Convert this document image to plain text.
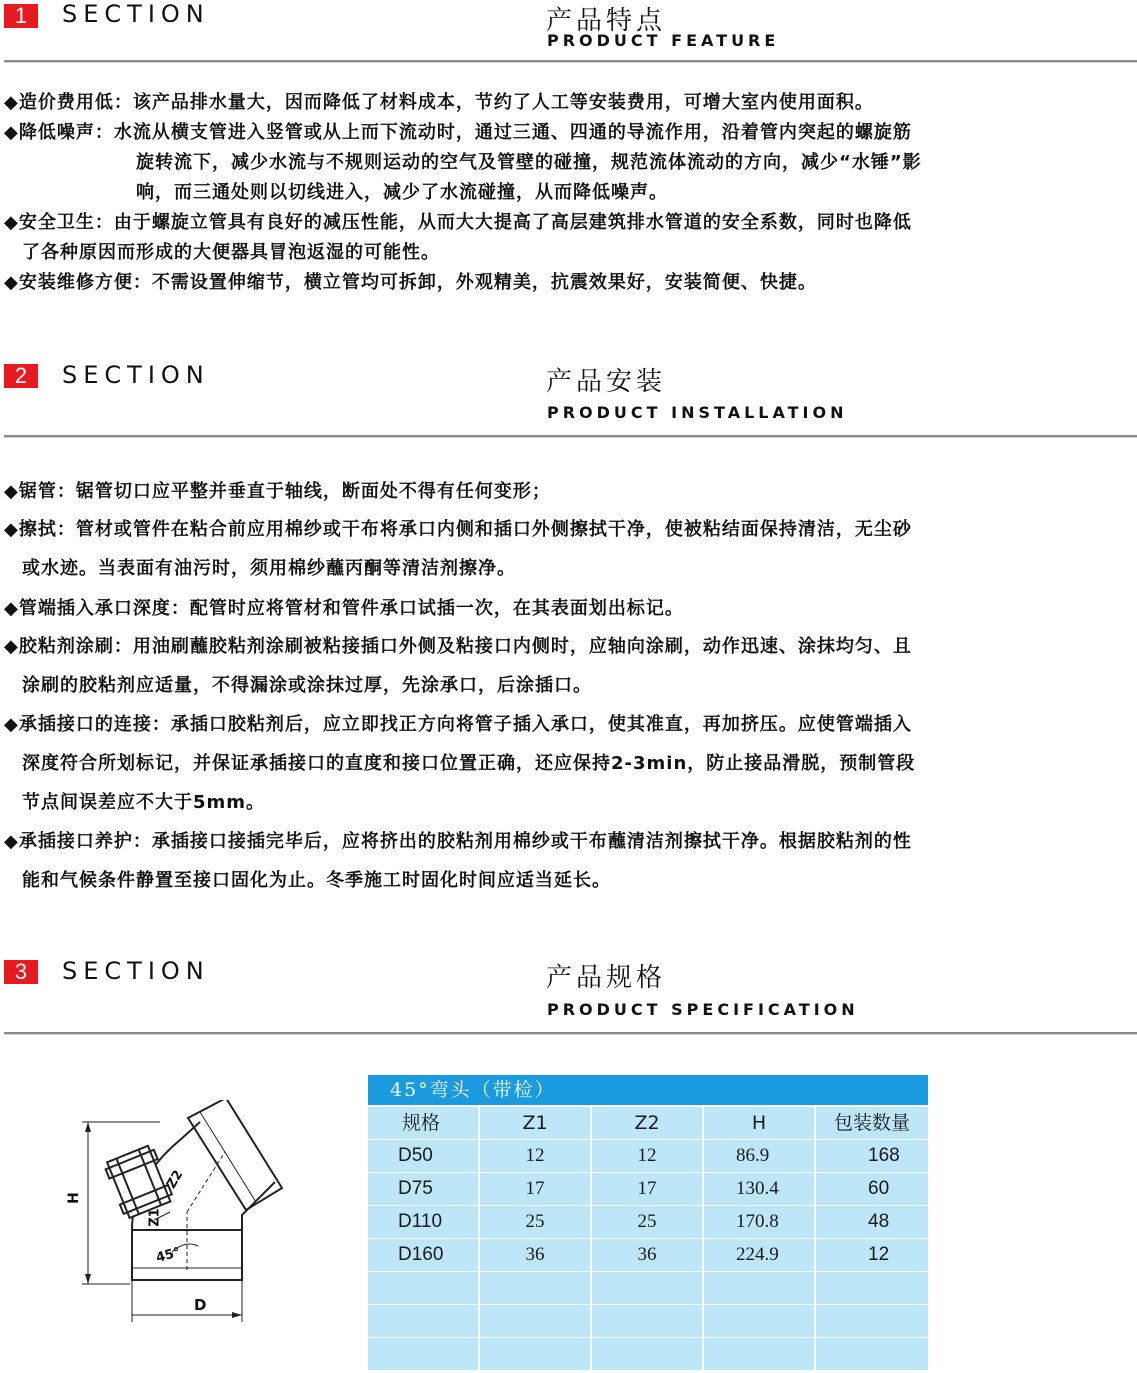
1	SECTION	产品特点
PRODUCT FEATURE
◆造价费用低：该产品排水量大，因而降低了材料成本，节约了人工等安装费用，可增大室内使用面积。
◆降低噪声：水流从横支管进入竖管或从上而下流动时，通过三通、四通的导流作用，沿着管内突起的螺旋筋
旋转流下，减少水流与不规则运动的空气及管壁的碰撞，规范流体流动的方向，减少“水锤”影
响，而三通处则以切线进入，减少了水流碰撞，从而降低噪声。
◆安全卫生：由于螺旋立管具有良好的减压性能，从而大大提高了高层建筑排水管道的安全系数，同时也降低
了各种原因而形成的大便器具冒泡返湿的可能性。
◆安装维修方便：不需设置伸缩节，横立管均可拆卸，外观精美，抗震效果好，安装简便、快捷。
2	SECTION	产品安装
PRODUCT INSTALLATION
◆锯管：锯管切口应平整并垂直于轴线，断面处不得有任何变形；
◆擦拭：管材或管件在粘合前应用棉纱或干布将承口内侧和插口外侧擦拭干净，使被粘结面保持清洁，无尘砂
或水迹。当表面有油污时，须用棉纱蘸丙酮等清洁剂擦净。
◆管端插入承口深度：配管时应将管材和管件承口试插一次，在其表面划出标记。
◆胶粘剂涂刷：用油刷蘸胶粘剂涂刷被粘接插口外侧及粘接口内侧时，应轴向涂刷，动作迅速、涂抹均匀、且
涂刷的胶粘剂应适量，不得漏涂或涂抹过厚，先涂承口，后涂插口。
◆承插接口的连接：承插口胶粘剂后，应立即找正方向将管子插入承口，使其准直，再加挤压。应使管端插入
深度符合所划标记，并保证承插接口的直度和接口位置正确，还应保持2-3min，防止接品滑脱，预制管段
节点间误差应不大于5mm。
◆承插接口养护：承插接口接插完毕后，应将挤出的胶粘剂用棉纱或干布蘸清洁剂擦拭干净。根据胶粘剂的性
能和气候条件静置至接口固化为止。冬季施工时固化时间应适当延长。
3	SECTION	产品规格
PRODUCT SPECIFICATION
H
D
Z1
Z2
45°
45°弯头（带检）
规格	Z1	Z2	H	包装数量
D50	12	12	86.9	168
D75	17	17	130.4	60
D110	25	25	170.8	48
D160	36	36	224.9	12
